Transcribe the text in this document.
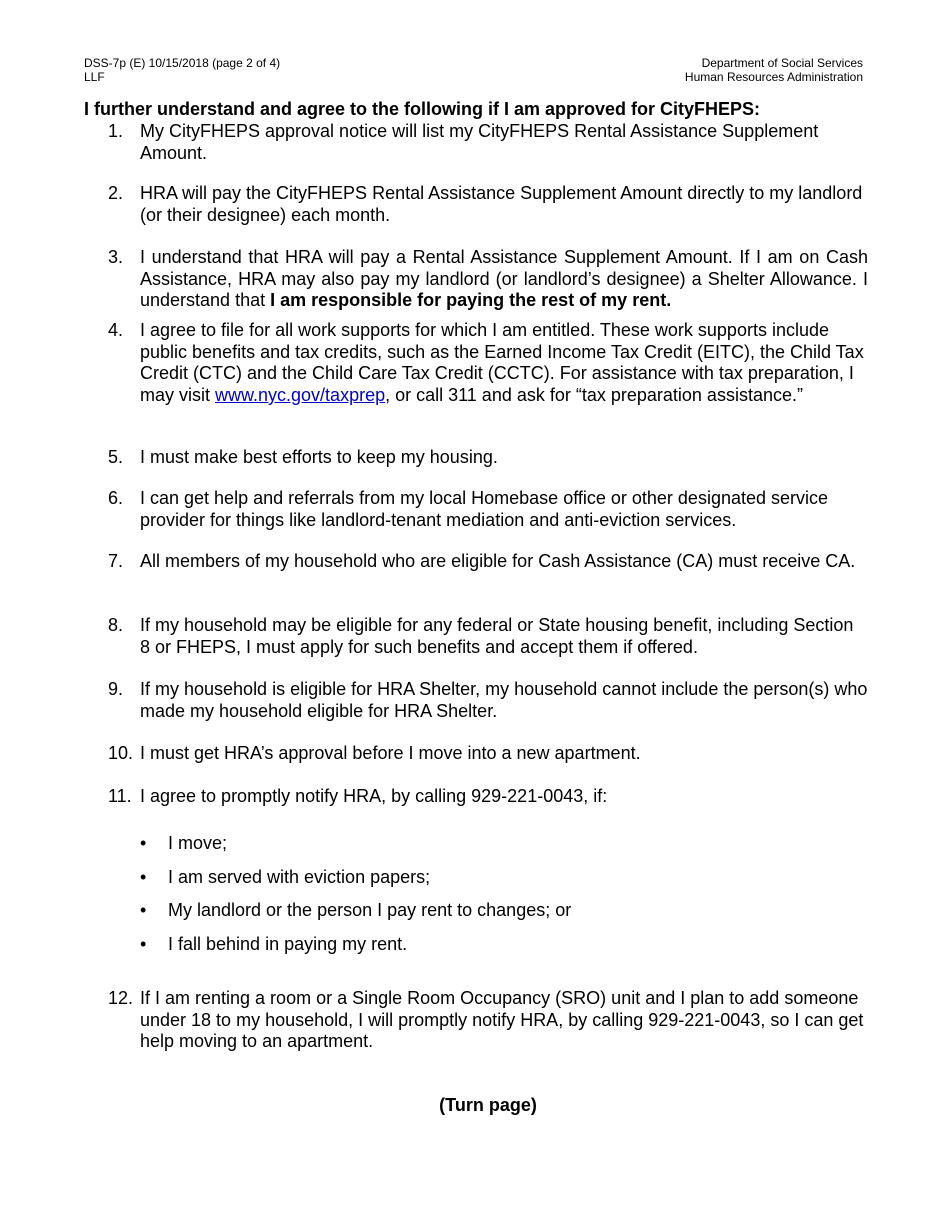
DSS-7p (E) 10/15/2018 (page 2 of 4)
LLF
Department of Social Services
Human Resources Administration
I further understand and agree to the following if I am approved for CityFHEPS:
1. My CityFHEPS approval notice will list my CityFHEPS Rental Assistance Supplement Amount.
2. HRA will pay the CityFHEPS Rental Assistance Supplement Amount directly to my landlord (or their designee) each month.
3. I understand that HRA will pay a Rental Assistance Supplement Amount. If I am on Cash Assistance, HRA may also pay my landlord (or landlord’s designee) a Shelter Allowance. I understand that I am responsible for paying the rest of my rent.
4. I agree to file for all work supports for which I am entitled. These work supports include public benefits and tax credits, such as the Earned Income Tax Credit (EITC), the Child Tax Credit (CTC) and the Child Care Tax Credit (CCTC). For assistance with tax preparation, I may visit www.nyc.gov/taxprep, or call 311 and ask for “tax preparation assistance.”
5. I must make best efforts to keep my housing.
6. I can get help and referrals from my local Homebase office or other designated service provider for things like landlord-tenant mediation and anti-eviction services.
7. All members of my household who are eligible for Cash Assistance (CA) must receive CA.
8. If my household may be eligible for any federal or State housing benefit, including Section 8 or FHEPS, I must apply for such benefits and accept them if offered.
9. If my household is eligible for HRA Shelter, my household cannot include the person(s) who made my household eligible for HRA Shelter.
10. I must get HRA’s approval before I move into a new apartment.
11. I agree to promptly notify HRA, by calling 929-221-0043, if:
• I move;
• I am served with eviction papers;
• My landlord or the person I pay rent to changes; or
• I fall behind in paying my rent.
12. If I am renting a room or a Single Room Occupancy (SRO) unit and I plan to add someone under 18 to my household, I will promptly notify HRA, by calling 929-221-0043, so I can get help moving to an apartment.
(Turn page)
